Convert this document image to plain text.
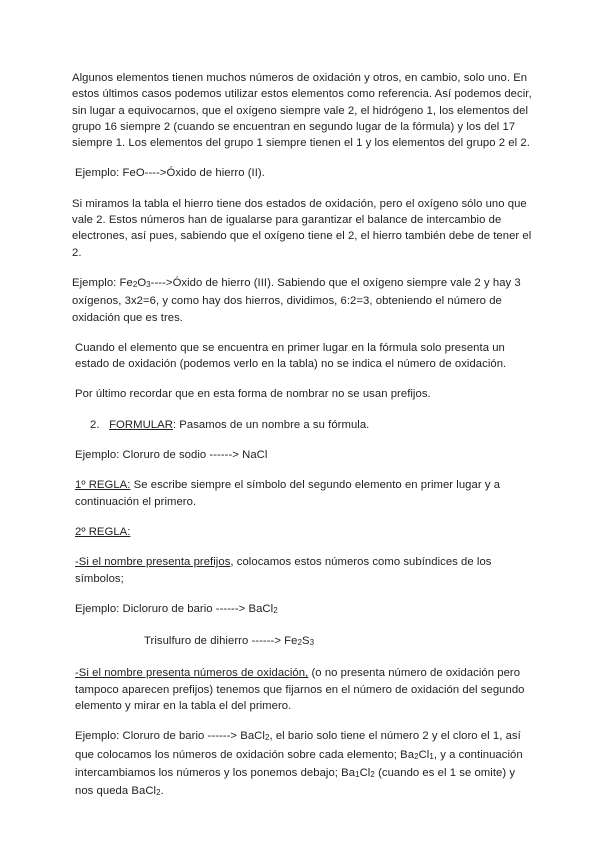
Algunos elementos tienen muchos números de oxidación y otros, en cambio, solo uno. En estos últimos casos podemos utilizar estos elementos como referencia. Así podemos decir, sin lugar a equivocarnos, que el oxígeno siempre vale 2, el hidrógeno 1, los elementos del grupo 16 siempre 2 (cuando se encuentran en segundo lugar de la fórmula) y los del 17 siempre 1. Los elementos del grupo 1 siempre tienen el 1 y los elementos del grupo 2 el 2.

Ejemplo: FeO---->Óxido de hierro (II).

Si miramos la tabla el hierro tiene dos estados de oxidación, pero el oxígeno sólo uno que vale 2. Estos números han de igualarse para garantizar el balance de intercambio de electrones, así pues, sabiendo que el oxígeno tiene el 2, el hierro también debe de tener el 2.

Ejemplo: Fe2O3---->Óxido de hierro (III). Sabiendo que el oxígeno siempre vale 2 y hay 3 oxígenos, 3x2=6, y como hay dos hierros, dividimos, 6:2=3, obteniendo el número de oxidación que es tres.

Cuando el elemento que se encuentra en primer lugar en la fórmula solo presenta un estado de oxidación (podemos verlo en la tabla) no se indica el número de oxidación.

Por último recordar que en esta forma de nombrar no se usan prefijos.

2. FORMULAR: Pasamos de un nombre a su fórmula.

Ejemplo: Cloruro de sodio ------> NaCl

1º REGLA: Se escribe siempre el símbolo del segundo elemento en primer lugar y a continuación el primero.

2º REGLA:

-Si el nombre presenta prefijos, colocamos estos números como subíndices de los símbolos;

Ejemplo: Dicloruro de bario ------> BaCl2

Trisulfuro de dihierro ------> Fe2S3

-Si el nombre presenta números de oxidación, (o no presenta número de oxidación pero tampoco aparecen prefijos) tenemos que fijarnos en el número de oxidación del segundo elemento y mirar en la tabla el del primero.

Ejemplo: Cloruro de bario ------> BaCl2, el bario solo tiene el número 2 y el cloro el 1, así que colocamos los números de oxidación sobre cada elemento; Ba2Cl1, y a continuación intercambiamos los números y los ponemos debajo; Ba1Cl2 (cuando es el 1 se omite) y nos queda BaCl2.
